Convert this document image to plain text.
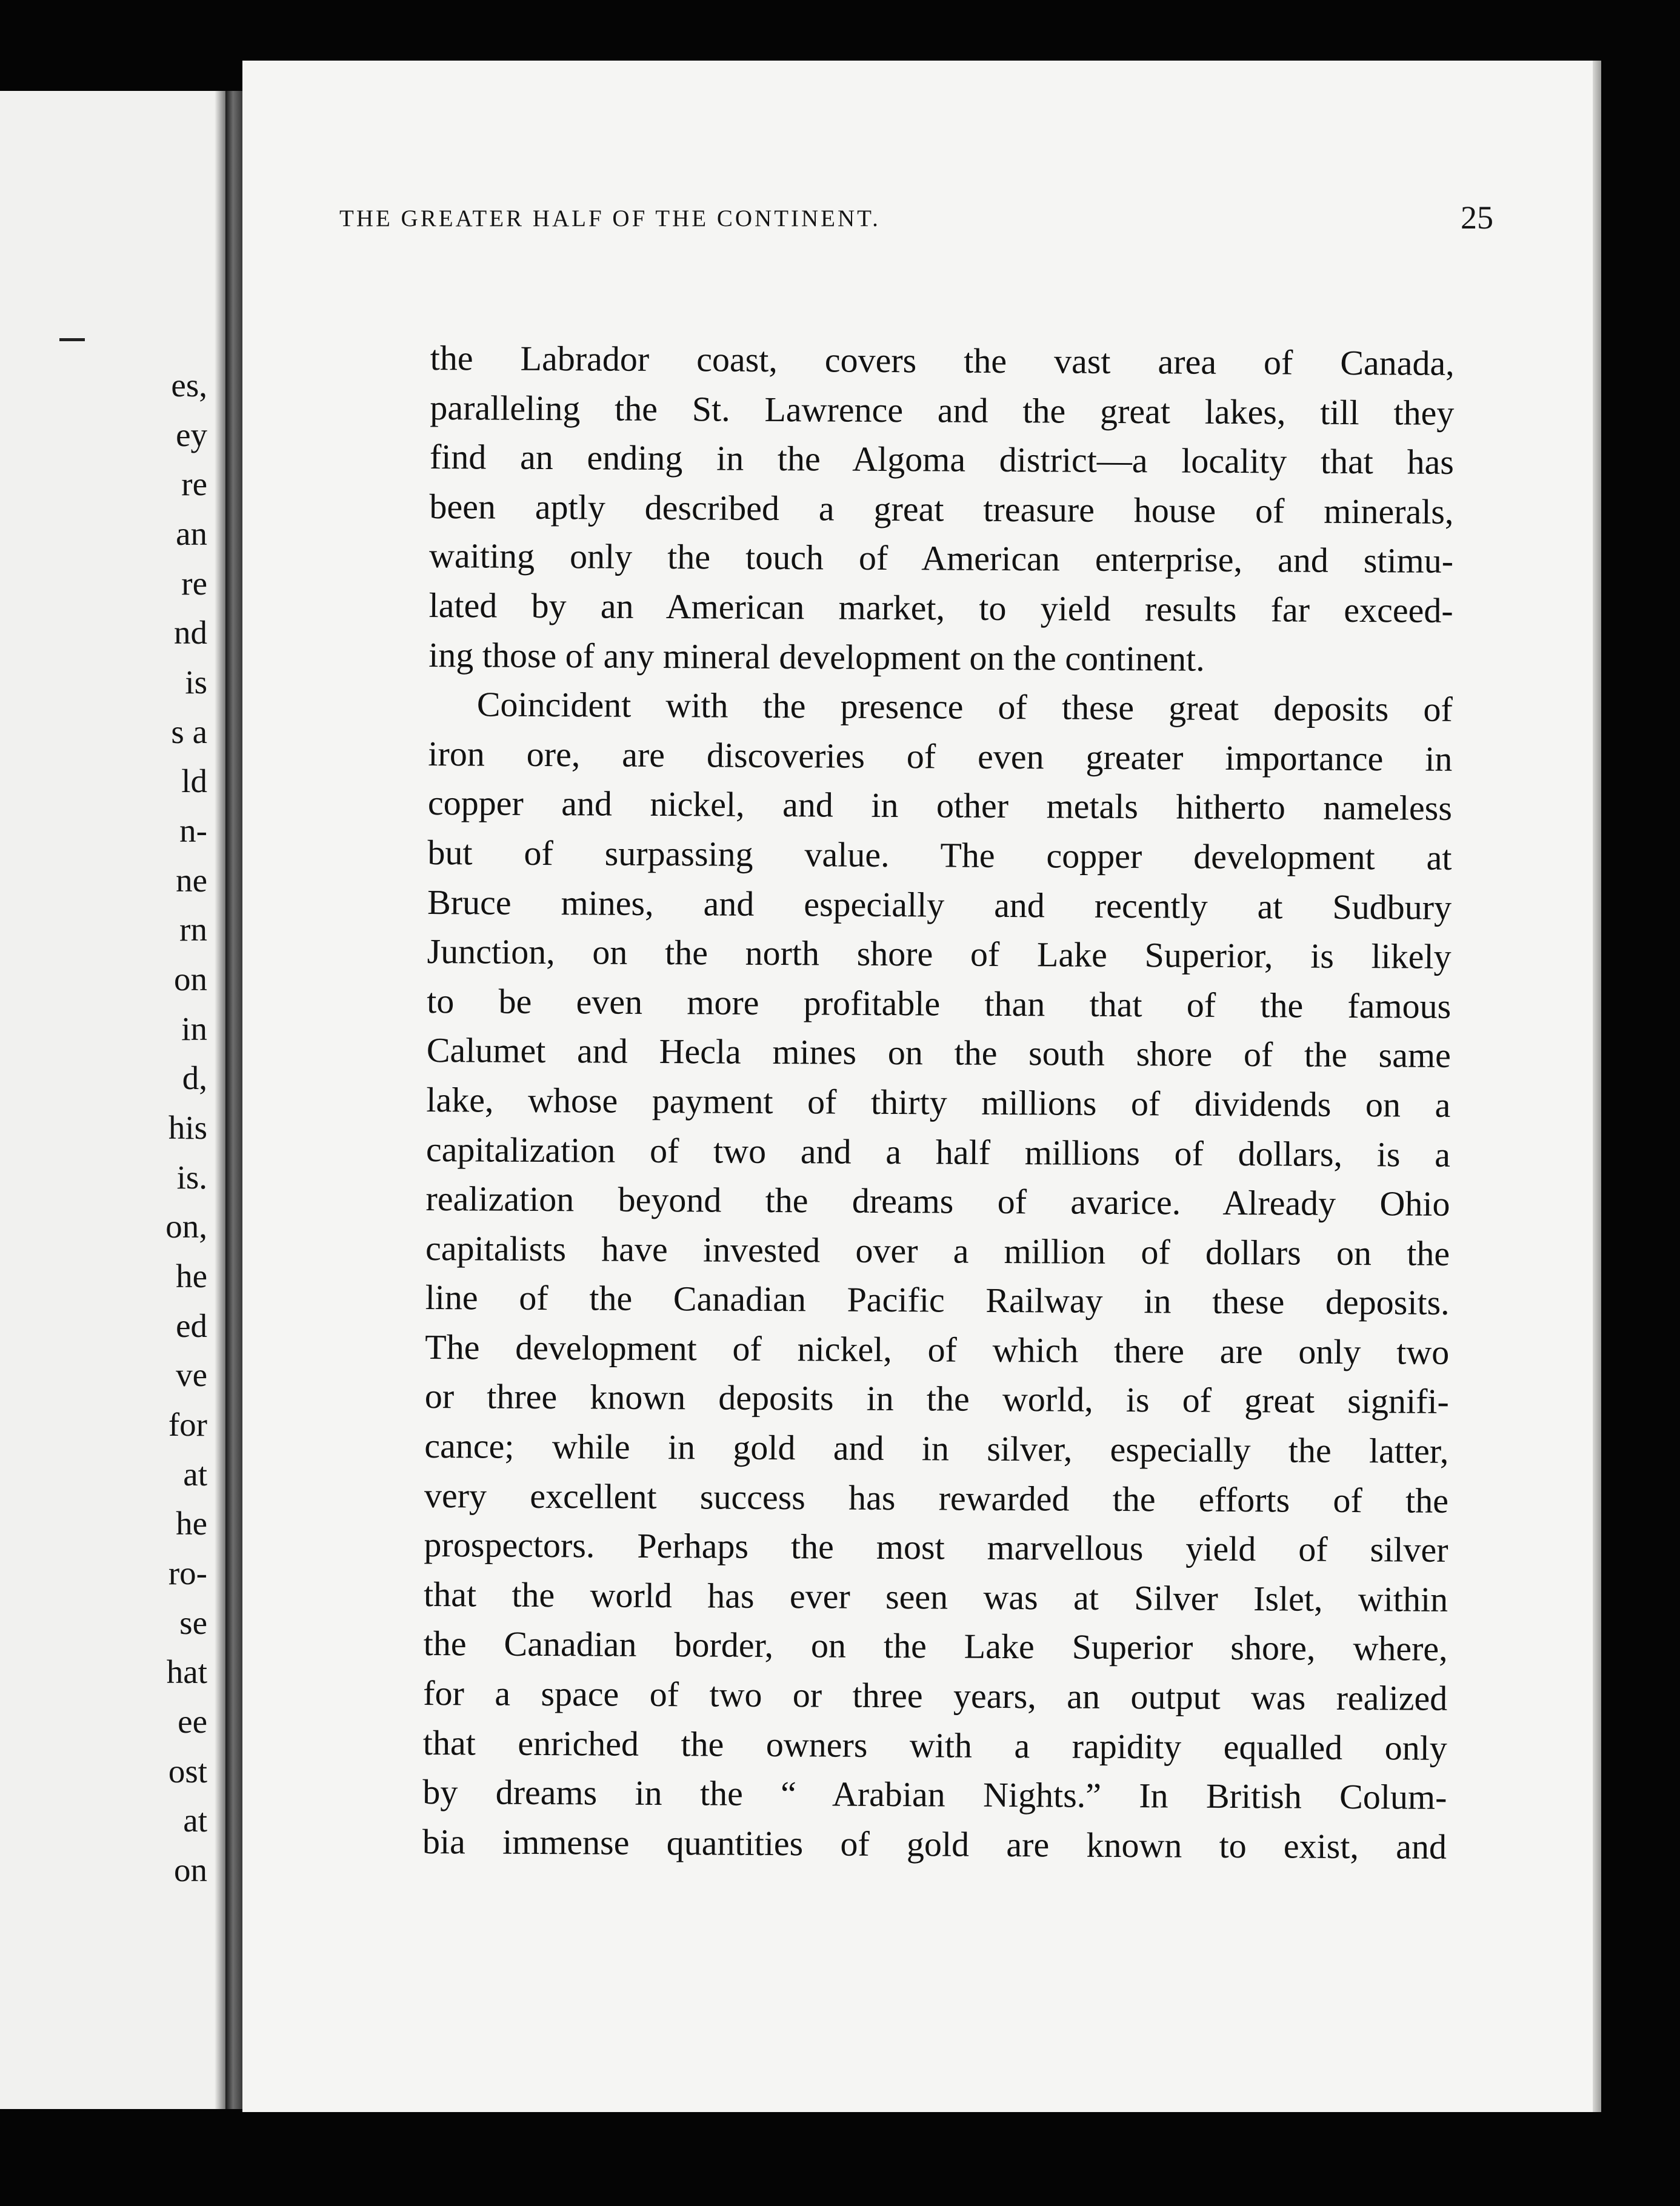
es,

ey

re

an

re

nd

is

s a

ld

n-

ne

rn

on

in

d,

his

is.

on,

he

ed

ve

for

at

he

ro-

se

hat

ee

ost

at

on

THE GREATER HALF OF THE CONTINENT.	25

the Labrador coast, covers the vast area of Canada,
paralleling the St. Lawrence and the great lakes, till they
find an ending in the Algoma district—a locality that has
been aptly described a great treasure house of minerals,
waiting only the touch of American enterprise, and stimu-
lated by an American market, to yield results far exceed-
ing those of any mineral development on the continent.
Coincident with the presence of these great deposits of
iron ore, are discoveries of even greater importance in
copper and nickel, and in other metals hitherto nameless
but of surpassing value. The copper development at
Bruce mines, and especially and recently at Sudbury
Junction, on the north shore of Lake Superior, is likely
to be even more profitable than that of the famous
Calumet and Hecla mines on the south shore of the same
lake, whose payment of thirty millions of dividends on a
capitalization of two and a half millions of dollars, is a
realization beyond the dreams of avarice. Already Ohio
capitalists have invested over a million of dollars on the
line of the Canadian Pacific Railway in these deposits.
The development of nickel, of which there are only two
or three known deposits in the world, is of great signifi-
cance; while in gold and in silver, especially the latter,
very excellent success has rewarded the efforts of the
prospectors. Perhaps the most marvellous yield of silver
that the world has ever seen was at Silver Islet, within
the Canadian border, on the Lake Superior shore, where,
for a space of two or three years, an output was realized
that enriched the owners with a rapidity equalled only
by dreams in the “ Arabian Nights.” In British Colum-
bia immense quantities of gold are known to exist, and
